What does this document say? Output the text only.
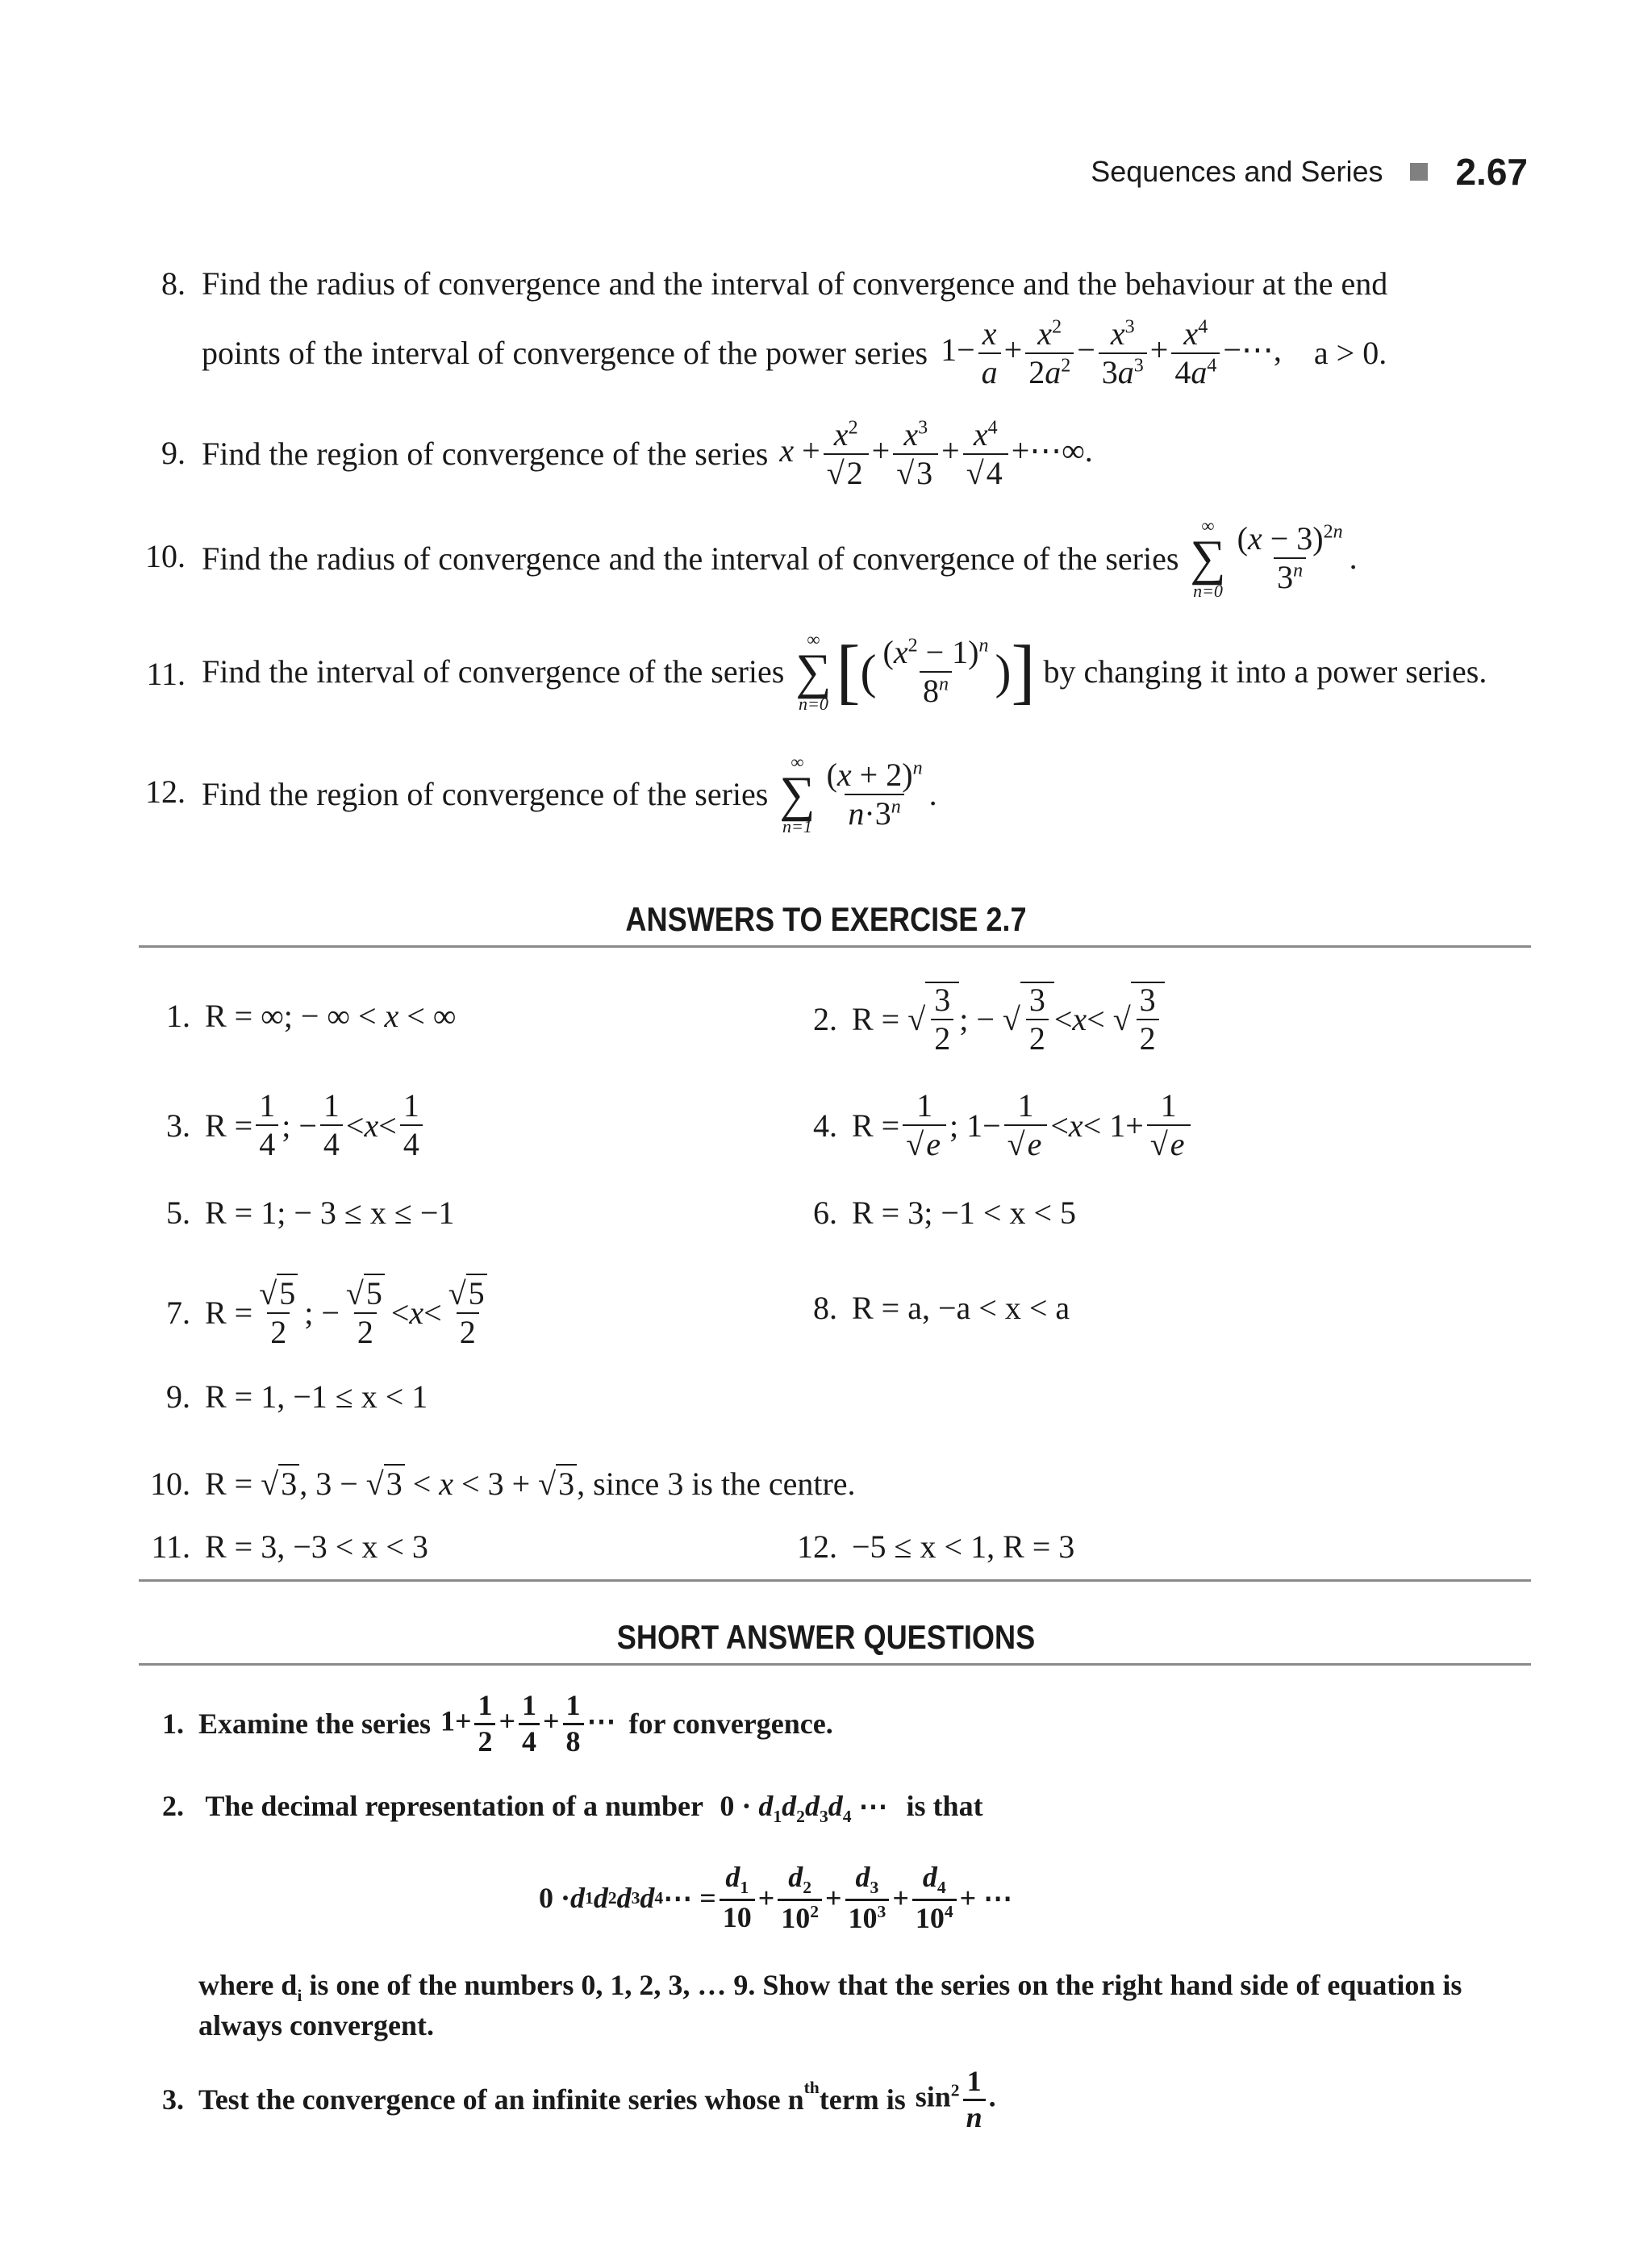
Sequences and Series 2.67
8. Find the radius of convergence and the interval of convergence and the behaviour at the end
points of the interval of convergence of the power series $1- \frac{x}{a} + \frac{x^2}{2a^2} - \frac{x^3}{3a^3} + \frac{x^4}{4a^4}$ −⋯, a > 0.
9. Find the region of convergence of the series $x + \frac{x^2}{√2} + \frac{x^3}{√3} + \frac{x^4}{√4}$ +⋯∞.
10. Find the radius of convergence and the interval of convergence of the series
∞
∑
$n=0 \frac{(x - 3)^{2n}}{3^n}$ .
11. Find the interval of convergence of the series
∞
∑
n=0 [ ( $\frac{(x^2 - 1)^n}{8^n}$ ) ] by changing it into a power series.
12. Find the region of convergence of the series
∞
∑
$n=1 \frac{(x + 2)^n}{n\cdot 3^n}$ .
ANSWERS TO EXERCISE 2.7
1. R = ∞; − ∞ < x < ∞	2. R = √ $\frac{3}{2}$ ; − √ $\frac{3}{2} < x$ < √ $\frac{3}{2}$
3. $R = \frac{1}{4}$ ; − $\frac{1}{4} < x < \frac{1}{4}$	4. $R = \frac{1}{√e}$ ; $1- \frac{1}{√e} < x < 1+ \frac{1}{√e}$
5. R = 1; − 3 ≤ x ≤ −1	6. R = 3; −1 < x < 5
7. $R = \frac{√5}{2}$ ; − $\frac{√5}{2} < x < \frac{√5}{2}$	8. R = a, −a < x < a
9. R = 1, −1 ≤ x < 1
10. R = √3, 3 − √3 < x < 3 + √3, since 3 is the centre.
11. R = 3, −3 < x < 3	12. −5 ≤ x < 1, R = 3
SHORT ANSWER QUESTIONS
1. Examine the series $1+ \frac{1}{2} + \frac{1}{4} + \frac{1}{8}$ ⋯ for convergence.
2. The decimal representation of a number $0 \cdot d_1d_2d_3d_4$ ⋯ is that
0 · d 1 d 2 d 3 d 4 ⋯ = $\frac{d_1}{10} + \frac{d_2}{10^2} + \frac{d_3}{10^3} + \frac{d_4}{10^4}$ + ⋯
where $d_i$ is one of the numbers 0, 1, 2, 3, … 9. Show that the series on the right hand side of equation is
always convergent.
3. Test the convergence of an infinite series whose $n^{th}$ term is $\sin^2 \frac{1}{n}$ .
